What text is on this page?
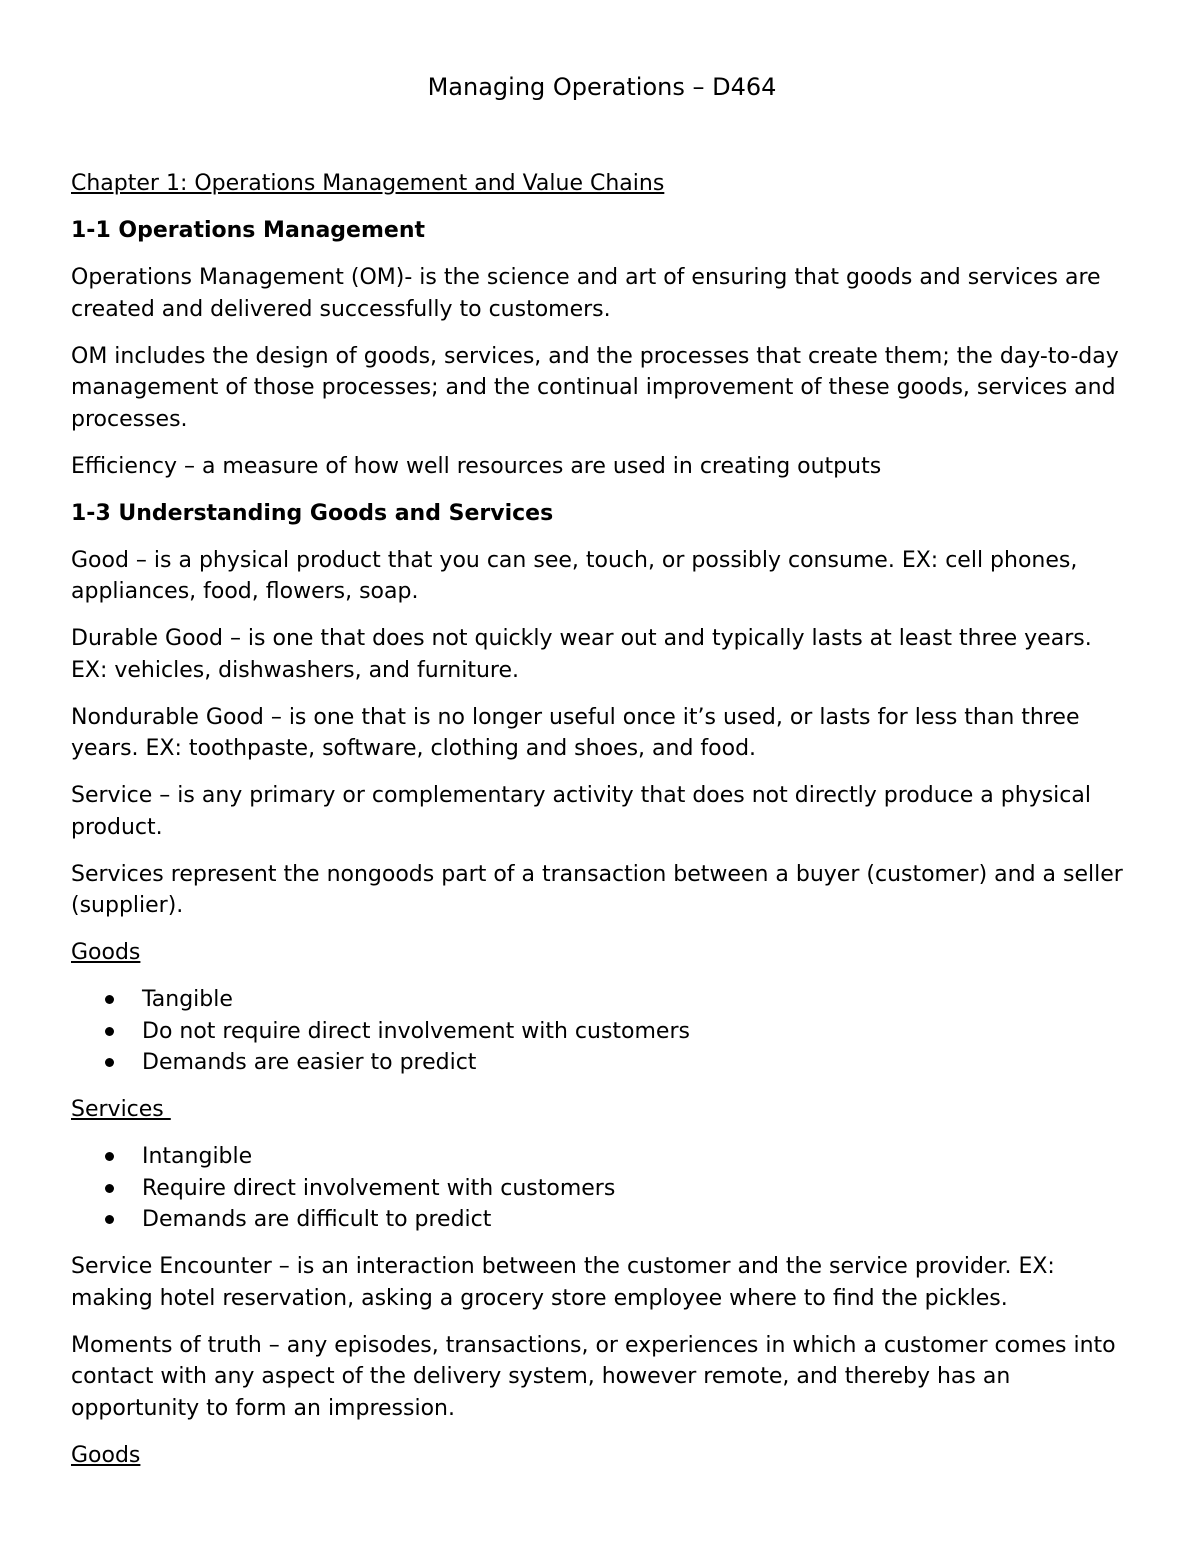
Managing Operations – D464

Chapter 1: Operations Management and Value Chains

1-1 Operations Management

Operations Management (OM)- is the science and art of ensuring that goods and services are created and delivered successfully to customers.

OM includes the design of goods, services, and the processes that create them; the day-to-day management of those processes; and the continual improvement of these goods, services and processes.

Efficiency – a measure of how well resources are used in creating outputs

1-3 Understanding Goods and Services

Good – is a physical product that you can see, touch, or possibly consume. EX: cell phones, appliances, food, flowers, soap.

Durable Good – is one that does not quickly wear out and typically lasts at least three years. EX: vehicles, dishwashers, and furniture.

Nondurable Good – is one that is no longer useful once it’s used, or lasts for less than three years. EX: toothpaste, software, clothing and shoes, and food.

Service – is any primary or complementary activity that does not directly produce a physical product.

Services represent the nongoods part of a transaction between a buyer (customer) and a seller (supplier).

Goods

Tangible
Do not require direct involvement with customers
Demands are easier to predict

Services

Intangible
Require direct involvement with customers
Demands are difficult to predict

Service Encounter – is an interaction between the customer and the service provider. EX: making hotel reservation, asking a grocery store employee where to find the pickles.

Moments of truth – any episodes, transactions, or experiences in which a customer comes into contact with any aspect of the delivery system, however remote, and thereby has an opportunity to form an impression.

Goods
